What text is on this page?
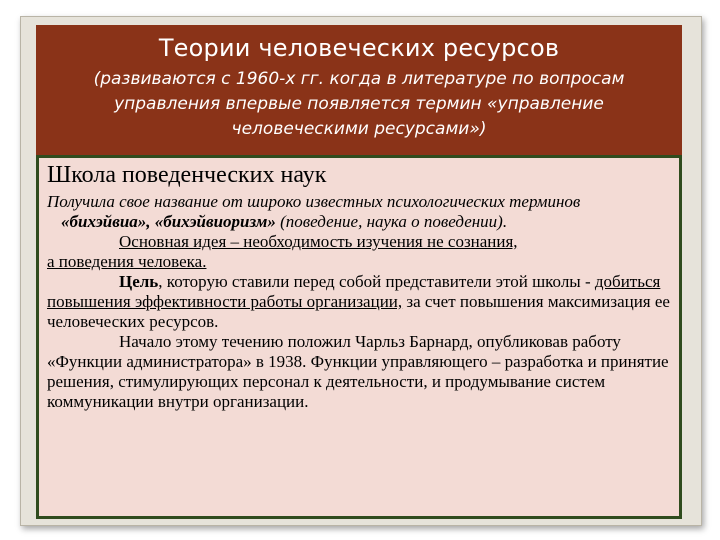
Теории человеческих ресурсов
(развиваются с 1960-х гг. когда в литературе по вопросам управления впервые появляется термин «управление человеческими ресурсами»)
Школа поведенческих наук

Получила свое название от широко известных психологических терминов «бихэйвиа», «бихэйвиоризм» (поведение, наука о поведении).

Основная идея – необходимость изучения не сознания,

а поведения человека.

Цель, которую ставили перед собой представители этой школы - добиться повышения эффективности работы организации, за счет повышения максимизация ее человеческих ресурсов.

Начало этому течению положил Чарльз Барнард, опубликовав работу «Функции администратора» в 1938. Функции управляющего – разработка и принятие решения, стимулирующих персонал к деятельности, и продумывание систем коммуникации внутри организации.
